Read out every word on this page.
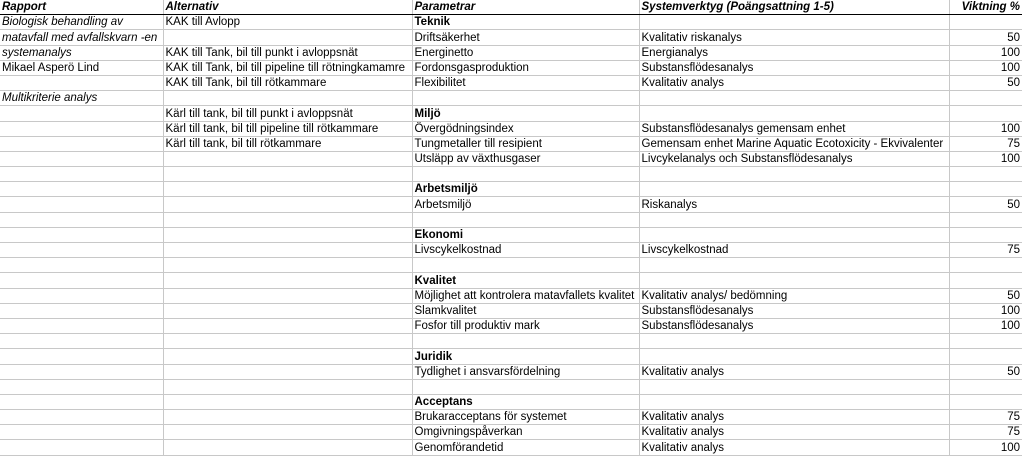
Rapport	Alternativ	Parametrar	Systemverktyg (Poängsattning 1-5)	Viktning %
Biologisk behandling av	KAK till Avlopp	Teknik		
matavfall med avfallskvarn -en		Driftsäkerhet	Kvalitativ riskanalys	50
systemanalys	KAK till Tank, bil till punkt i avloppsnät	Energinetto	Energianalys	100
Mikael Asperö Lind	KAK till Tank, bil till pipeline till rötningkamamre	Fordonsgasproduktion	Substansflödesanalys	100
	KAK till Tank, bil till rötkammare	Flexibilitet	Kvalitativ analys	50
Multikriterie analys				
	Kärl till tank, bil till punkt i avloppsnät	Miljö		
	Kärl till tank, bil till pipeline till rötkammare	Övergödningsindex	Substansflödesanalys gemensam enhet	100
	Kärl till tank, bil till rötkammare	Tungmetaller till resipient	Gemensam enhet Marine Aquatic Ecotoxicity - Ekvivalenter	75
		Utsläpp av växthusgaser	Livcykelanalys och Substansflödesanalys	100

		Arbetsmiljö		
		Arbetsmiljö	Riskanalys	50

		Ekonomi		
		Livscykelkostnad	Livscykelkostnad	75

		Kvalitet		
		Möjlighet att kontrolera matavfallets kvalitet	Kvalitativ analys/ bedömning	50
		Slamkvalitet	Substansflödesanalys	100
		Fosfor till produktiv mark	Substansflödesanalys	100

		Juridik		
		Tydlighet i ansvarsfördelning	Kvalitativ analys	50

		Acceptans		
		Brukaracceptans för systemet	Kvalitativ analys	75
		Omgivningspåverkan	Kvalitativ analys	75
		Genomförandetid	Kvalitativ analys	100
